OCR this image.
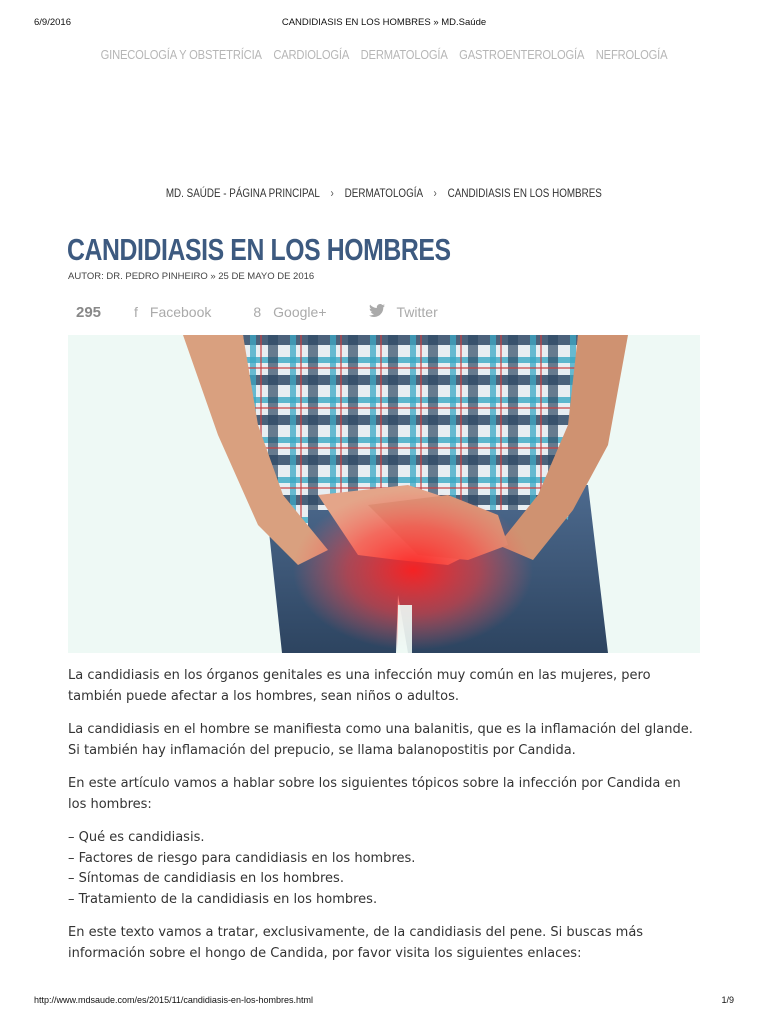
6/9/2016	CANDIDIASIS EN LOS HOMBRES » MD.Saúde
GINECOLOGÍA Y OBSTETRÍCIA CARDIOLOGÍA DERMATOLOGÍA GASTROENTEROLOGÍA NEFROLOGÍA
MD. SAÚDE - PÁGINA PRINCIPAL › DERMATOLOGÍA › CANDIDIASIS EN LOS HOMBRES
CANDIDIASIS EN LOS HOMBRES
AUTOR: DR. PEDRO PINHEIRO » 25 DE MAYO DE 2016
295	f Facebook	8 Google+	Twitter

La candidiasis en los órganos genitales es una infección muy común en las mujeres, pero también puede afectar a los hombres, sean niños o adultos.

La candidiasis en el hombre se manifiesta como una balanitis, que es la inflamación del glande. Si también hay inflamación del prepucio, se llama balanopostitis por Candida.

En este artículo vamos a hablar sobre los siguientes tópicos sobre la infección por Candida en los hombres:

– Qué es candidiasis.
– Factores de riesgo para candidiasis en los hombres.
– Síntomas de candidiasis en los hombres.
– Tratamiento de la candidiasis en los hombres.

En este texto vamos a tratar, exclusivamente, de la candidiasis del pene. Si buscas más información sobre el hongo de Candida, por favor visita los siguientes enlaces:

http://www.mdsaude.com/es/2015/11/candidiasis-en-los-hombres.html	1/9
